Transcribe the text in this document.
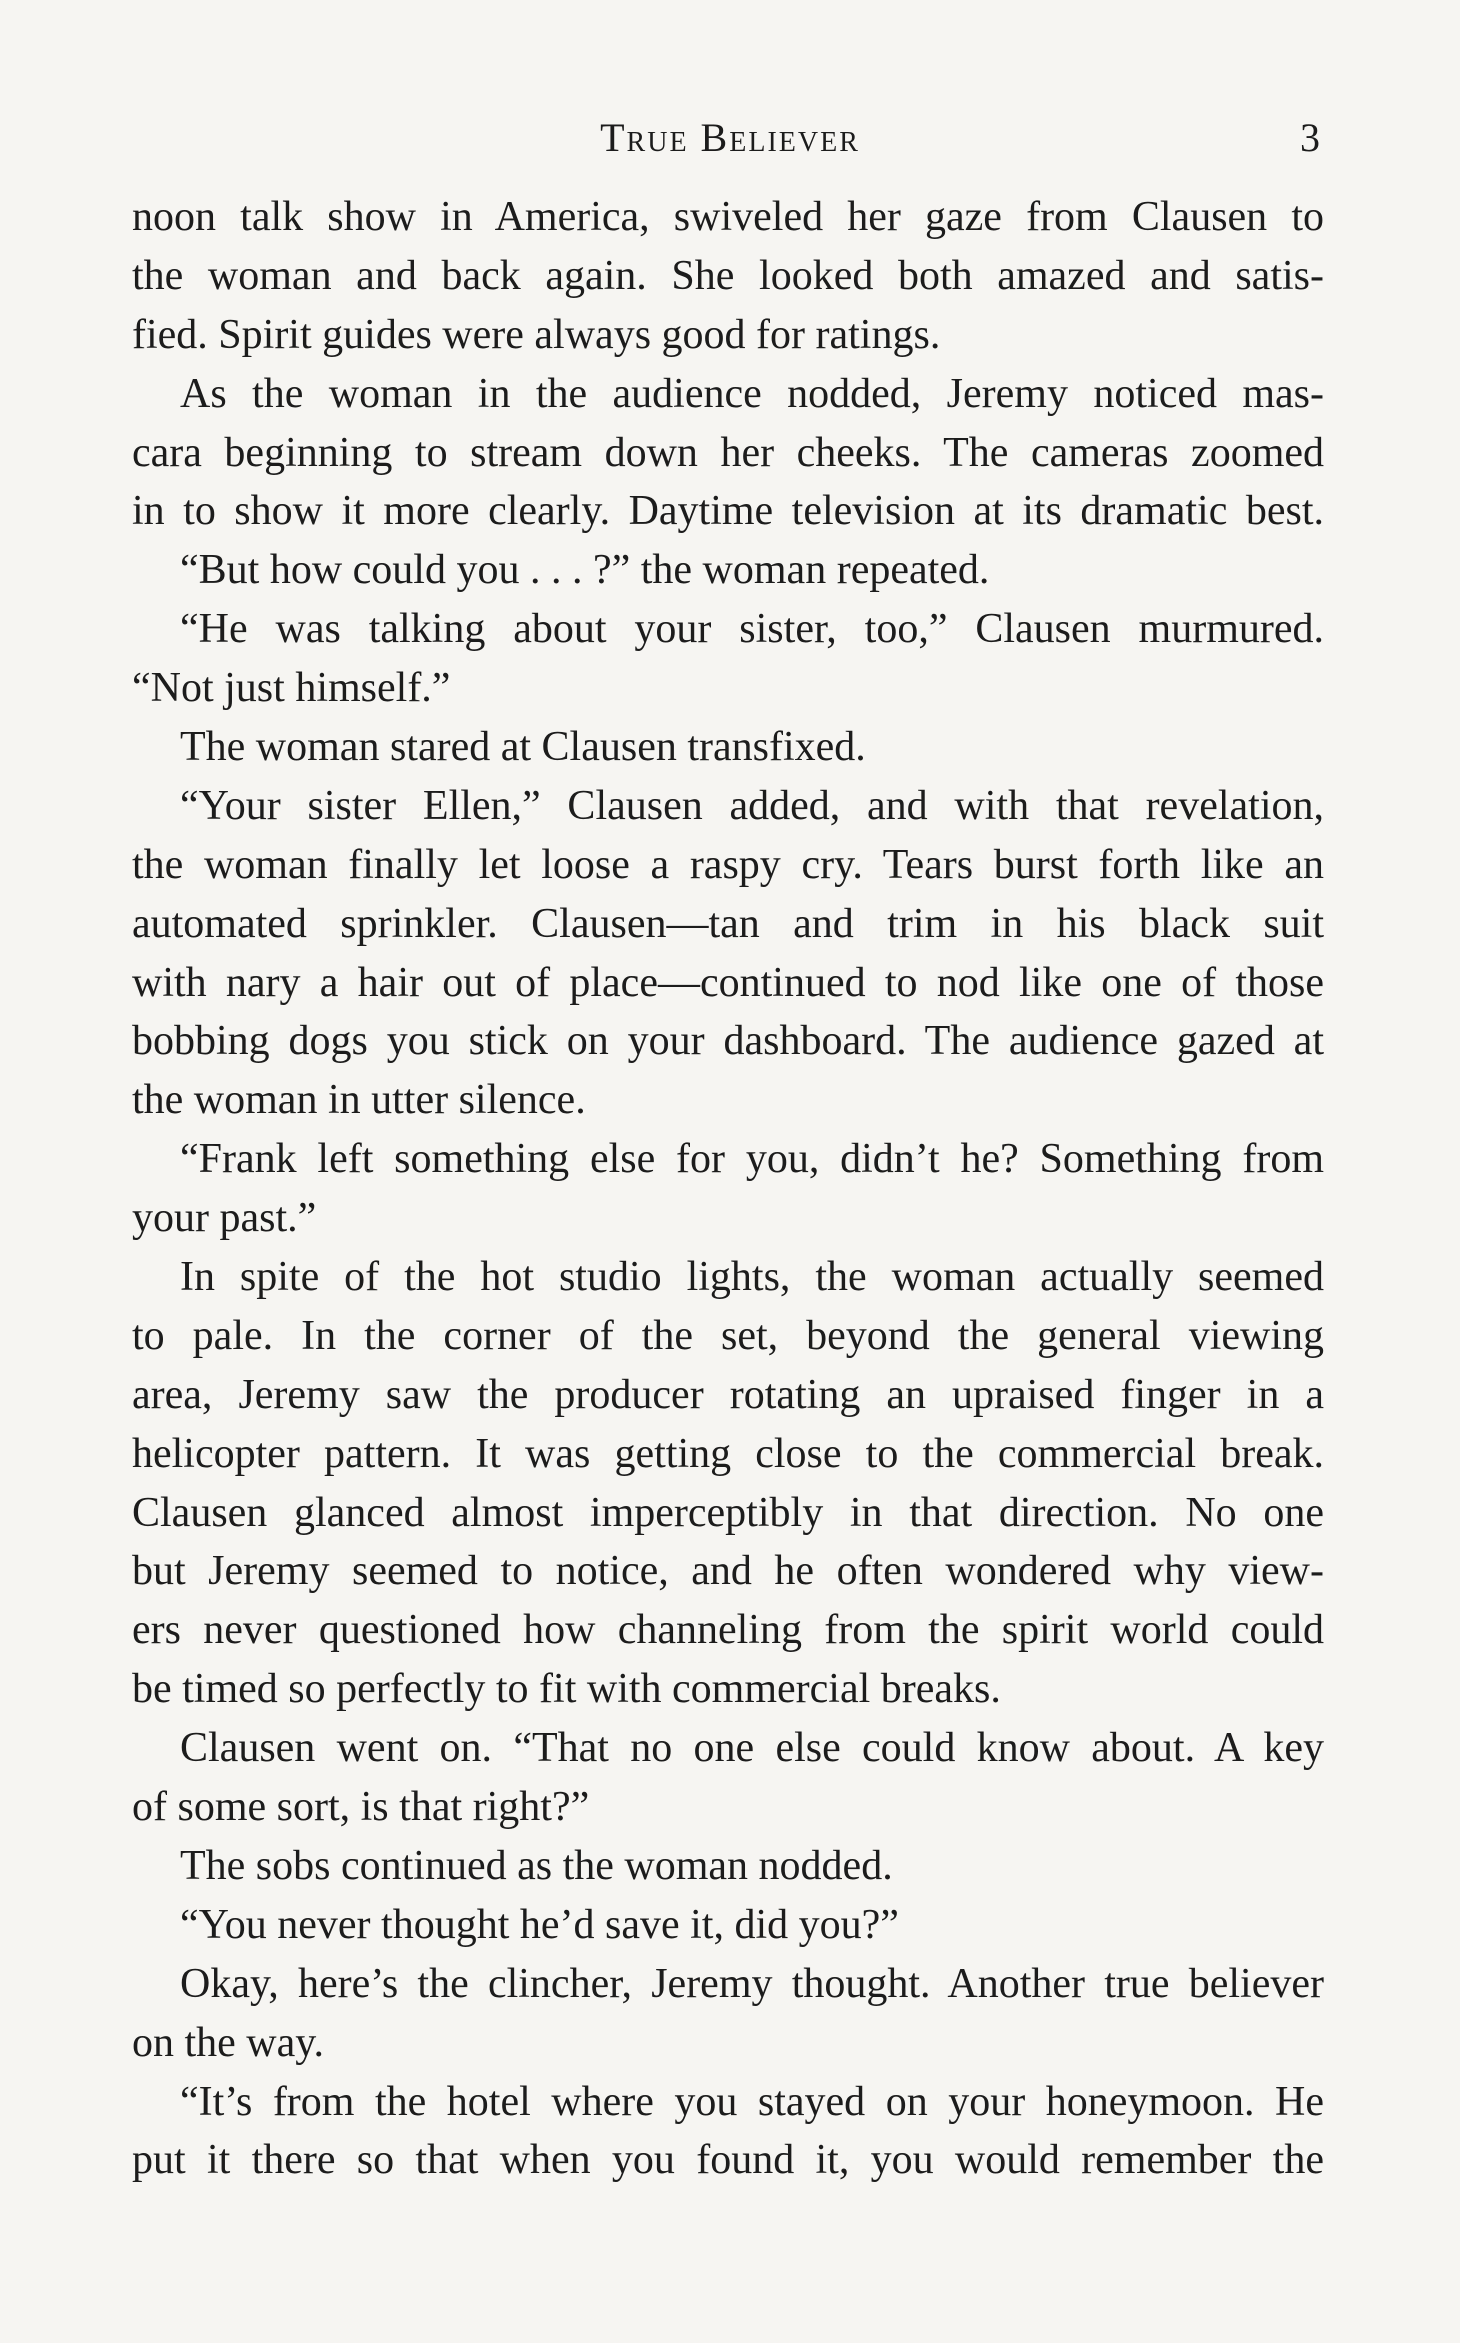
True Believer	3
noon talk show in America, swiveled her gaze from Clausen to
the woman and back again. She looked both amazed and satis-
fied. Spirit guides were always good for ratings.
As the woman in the audience nodded, Jeremy noticed mas-
cara beginning to stream down her cheeks. The cameras zoomed
in to show it more clearly. Daytime television at its dramatic best.
“But how could you . . . ?” the woman repeated.
“He was talking about your sister, too,” Clausen murmured.
“Not just himself.”
The woman stared at Clausen transfixed.
“Your sister Ellen,” Clausen added, and with that revelation,
the woman finally let loose a raspy cry. Tears burst forth like an
automated sprinkler. Clausen—tan and trim in his black suit
with nary a hair out of place—continued to nod like one of those
bobbing dogs you stick on your dashboard. The audience gazed at
the woman in utter silence.
“Frank left something else for you, didn’t he? Something from
your past.”
In spite of the hot studio lights, the woman actually seemed
to pale. In the corner of the set, beyond the general viewing
area, Jeremy saw the producer rotating an upraised finger in a
helicopter pattern. It was getting close to the commercial break.
Clausen glanced almost imperceptibly in that direction. No one
but Jeremy seemed to notice, and he often wondered why view-
ers never questioned how channeling from the spirit world could
be timed so perfectly to fit with commercial breaks.
Clausen went on. “That no one else could know about. A key
of some sort, is that right?”
The sobs continued as the woman nodded.
“You never thought he’d save it, did you?”
Okay, here’s the clincher, Jeremy thought. Another true believer
on the way.
“It’s from the hotel where you stayed on your honeymoon. He
put it there so that when you found it, you would remember the
